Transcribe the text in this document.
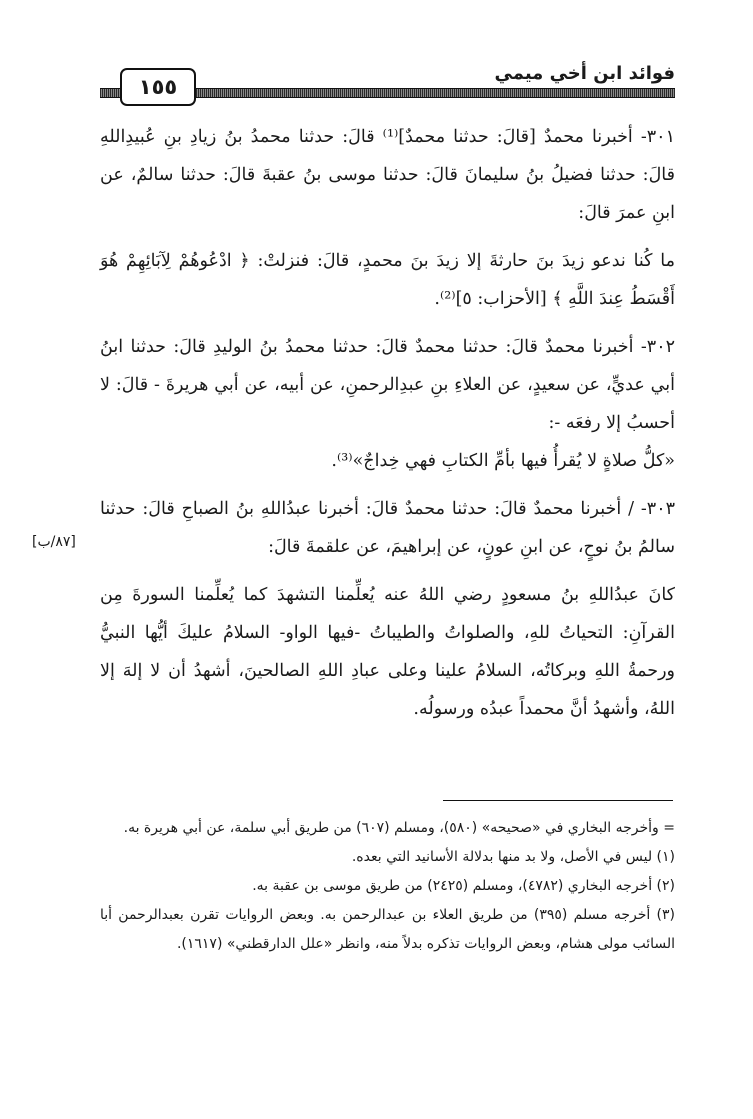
١٥٥
فوائد ابن أخي ميمي
[٨٧/ب]

٣٠١- أخبرنا محمدٌ [قالَ: حدثنا محمدٌ]⁽¹⁾ قالَ: حدثنا محمدُ بنُ زيادِ بنِ عُبيدِاللهِ قالَ: حدثنا فضيلُ بنُ سليمانَ قالَ: حدثنا موسى بنُ عقبةَ قالَ: حدثنا سالمٌ، عن ابنِ عمرَ قالَ:

ما كُنا ندعو زيدَ بنَ حارثةَ إلا زيدَ بنَ محمدٍ، قالَ: فنزلتْ: ﴿ ادْعُوهُمْ لِآبَائِهِمْ هُوَ أَقْسَطُ عِندَ اللَّهِ ﴾ [الأحزاب: ٥]⁽²⁾.

٣٠٢- أخبرنا محمدٌ قالَ: حدثنا محمدٌ قالَ: حدثنا محمدُ بنُ الوليدِ قالَ: حدثنا ابنُ أبي عديٍّ، عن سعيدٍ، عن العلاءِ بنِ عبدِالرحمنِ، عن أبيه، عن أبي هريرةَ - قالَ: لا أحسبُ إلا رفعَه -:

«كلُّ صلاةٍ لا يُقرأُ فيها بأمِّ الكتابِ فهي خِداجٌ»⁽³⁾.

٣٠٣- / أخبرنا محمدٌ قالَ: حدثنا محمدٌ قالَ: أخبرنا عبدُاللهِ بنُ الصباحِ قالَ: حدثنا سالمُ بنُ نوحٍ، عن ابنِ عونٍ، عن إبراهيمَ، عن علقمةَ قالَ:

كانَ عبدُاللهِ بنُ مسعودٍ رضي اللهُ عنه يُعلِّمنا التشهدَ كما يُعلِّمنا السورةَ مِن القرآنِ: التحياتُ للهِ، والصلواتُ والطيباتُ -فيها الواو- السلامُ عليكَ أيُّها النبيُّ ورحمةُ اللهِ وبركاتُه، السلامُ علينا وعلى عبادِ اللهِ الصالحينَ، أشهدُ أن لا إلهَ إلا اللهُ، وأشهدُ أنَّ محمداً عبدُه ورسولُه.

= وأخرجه البخاري في «صحيحه» (٥٨٠)، ومسلم (٦٠٧) من طريق أبي سلمة، عن أبي هريرة به.

(١) ليس في الأصل، ولا بد منها بدلالة الأسانيد التي بعده.

(٢) أخرجه البخاري (٤٧٨٢)، ومسلم (٢٤٢٥) من طريق موسى بن عقبة به.

(٣) أخرجه مسلم (٣٩٥) من طريق العلاء بن عبدالرحمن به. وبعض الروايات تقرن بعبدالرحمن أبا السائب مولى هشام، وبعض الروايات تذكره بدلاً منه، وانظر «علل الدارقطني» (١٦١٧).
